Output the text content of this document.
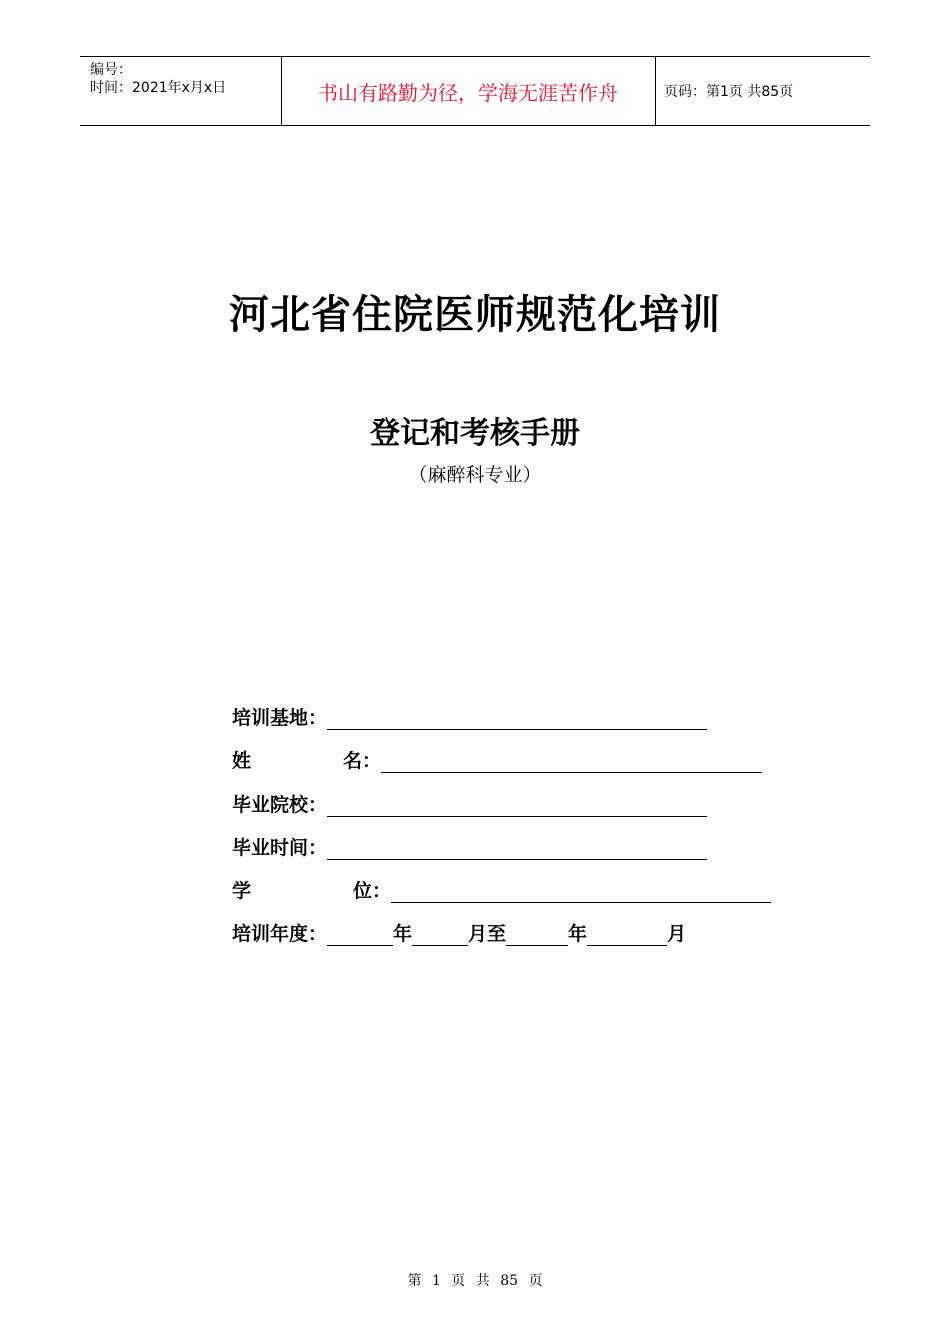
编号：
时间：2021年x月x日	书山有路勤为径，学海无涯苦作舟	页码：第1页 共85页
河北省住院医师规范化培训
登记和考核手册
（麻醉科专业）
培训基地：
姓	名：
毕业院校：
毕业时间：
学	位：
培训年度：	年	月至	年	月
第 1 页 共 85 页
